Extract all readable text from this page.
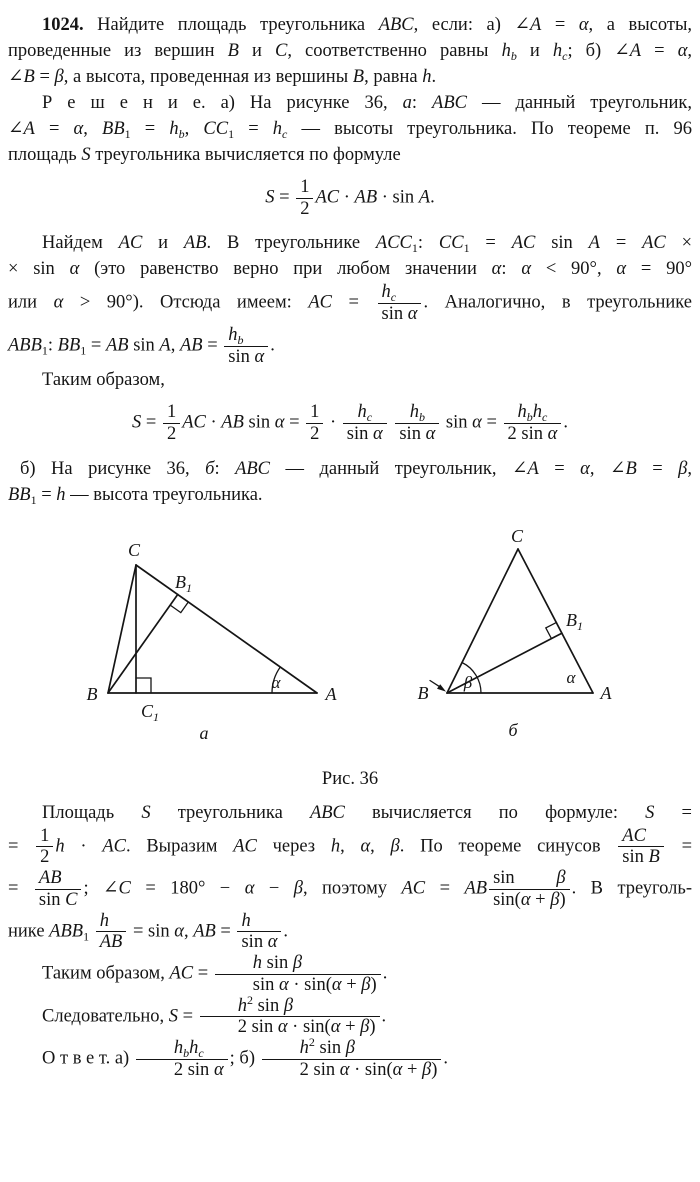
1024. Найдите площадь треугольника ABC, если: а) ∠A = α, а высоты,
проведенные из вершин B и C, соответственно равны $h_b$ и $h_c$; б) ∠A = α,
∠B = β, а высота, проведенная из вершины B, равна h.
Р е ш е н и е. а) На рисунке 36, а: ABC — данный треугольник,
∠A = α, $BB_1 = h_b$, $CC_1 = h_c$ — высоты треугольника. По теореме п. 96
площадь S треугольника вычисляется по формуле
$S = \frac{1}{2}$ AC · AB · sin A.
Найдем AC и AB. В треугольнике $ACC_1$: $CC_1$ = AC sin A = AC ×
× sin α (это равенство верно при любом значении α: α < 90°, α = 90°
или α > 90°). Отсюда имеем: AC = $\frac{h_c}{\text{sin α}}$ . Аналогично, в треугольнике
$ABB_1$: $BB_1$ = AB sin A, AB = $\frac{h_b}{\text{sin α}}$ .
Таким образом,
$S = \frac{1}{2}$ AC · AB $\sin \alpha = \frac{1}{2} \cdot \frac{h_c}{\text{sin α}}$
$\frac{h_b}{\text{sin α}}$ $\sin \alpha = \frac{h_bh_c}{\text{2 sin α}}$ .
б) На рисунке 36, б: ABC — данный треугольник, ∠A = α, ∠B = β,
$BB_1 = h$ — высота треугольника.
C
$B_1$
B	A
$C_1$
α
а
C
$B_1$
B	A
β	α
б
Рис. 36
Площадь S треугольника ABC вычисляется по формуле: S =
= $\frac{1}{2}$ h · AC. Выразим AC через h, α, β. По теореме синусов $\frac{AC}{\text{sin B}}$ =
= $\frac{AB}{\text{sin C}}$ ; ∠C = 180° − α − β, поэтому AC = AB $\frac{\text{sin β}}{\sin(\alpha + \beta)}$ . В треуголь-
нике $ABB_1 \frac{h}{AB} = \sin \alpha$, AB = $\frac{h}{\text{sin α}}$ .
Таким образом, AC = $\frac{\text{h sin β}}{\text{sin α · sin(α + β)}}$ .
Следовательно, $S = \frac{h^2 \sin \beta}{\text{2 sin α · sin(α + β)}}$ .
О т в е т. $а) \frac{h_bh_c}{\text{2 sin α}}$ ; $б) \frac{h^2 \sin \beta}{\text{2 sin α · sin(α + β)}}$ .
